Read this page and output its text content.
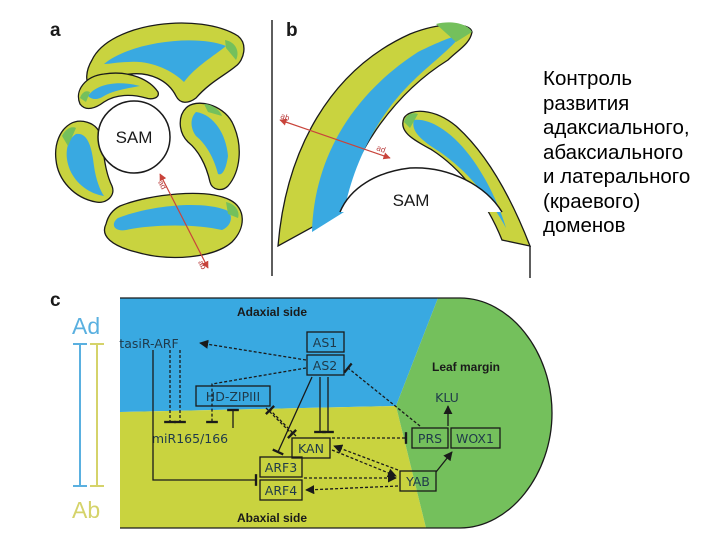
a
SAM
ad
ab
b
SAM
ab
ad
c
Ad
Ab
Adaxial side
Abaxial side
Leaf margin
AS1
AS2
HD-ZIPIII
KAN
ARF3
ARF4
YAB
PRS WOX1
tasiR-ARF
miR165/166
KLU
Контроль
развития
адаксиального,
абаксиального
и латерального
(краевого)
доменов
